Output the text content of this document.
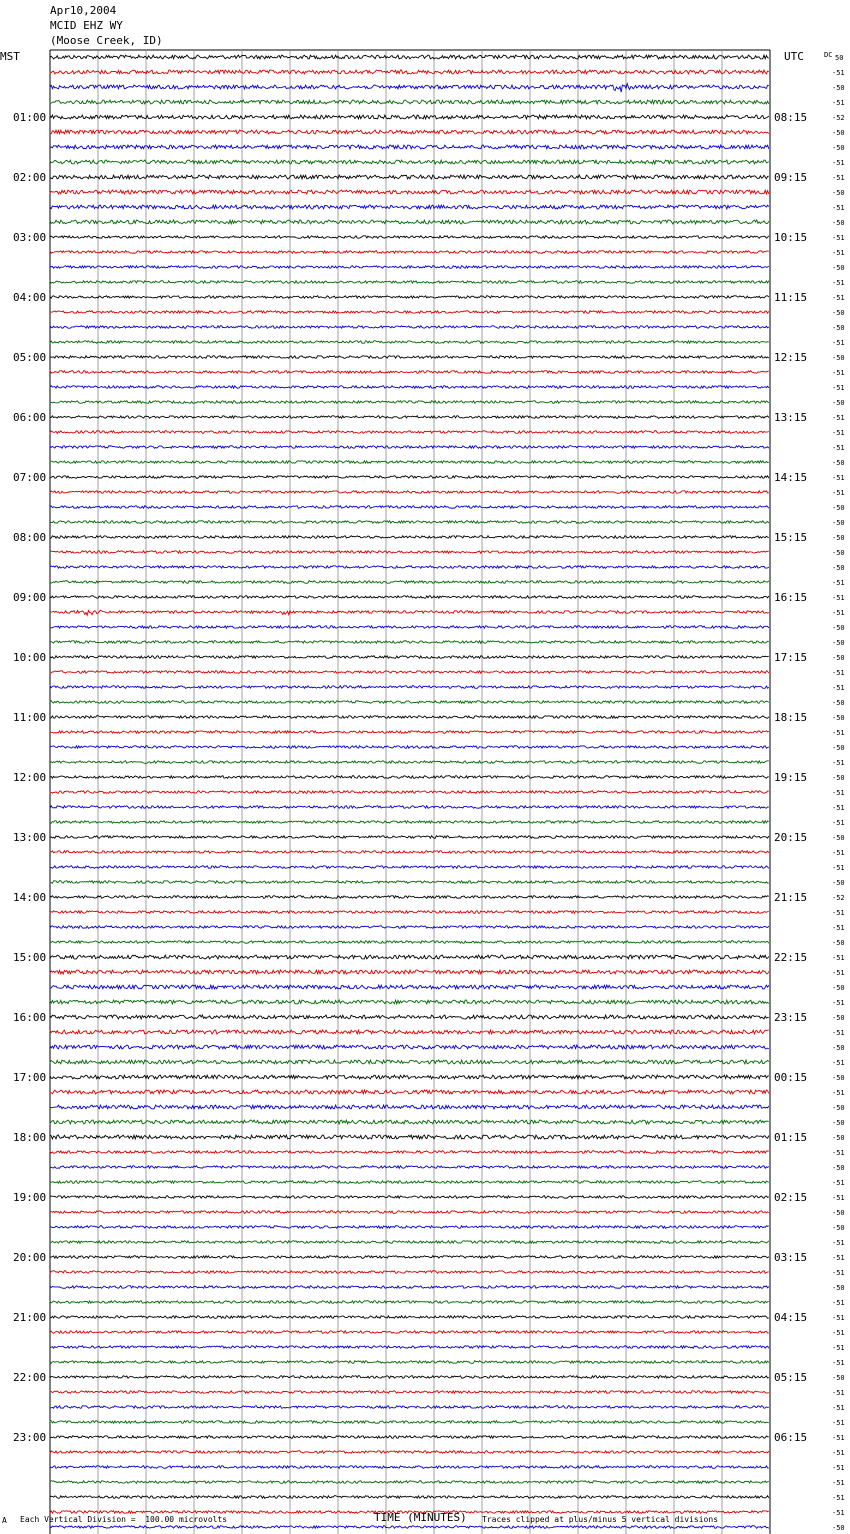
Apr10,2004
MCID EHZ WY
(Moose Creek, ID)
MST	UTC
01:00
02:00
03:00
04:00
05:00
06:00
07:00
08:00
09:00
10:00
11:00
12:00
13:00
14:00
15:00
16:00
17:00
18:00
19:00
20:00
21:00
22:00
23:00
08:15
09:15
10:15
11:15
12:15
13:15
14:15
15:15
16:15
17:15
18:15
19:15
20:15
21:15
22:15
23:15
00:15
01:15
02:15
03:15
04:15
05:15
06:15
DC 50
-51
-50
-51
-52
-50
-50
-51
-51
-50
-51
-50
-51
-51
-50
-51
-51
-50
-50
-51
-50
-51
-51
-50
-51
-51
-51
-50
-51
-51
-50
-50
-50
-50
-50
-51
-51
-51
-50
-50
-50
-51
-51
-50
-50
-51
-50
-51
-50
-51
-51
-51
-50
-51
-51
-50
-52
-51
-51
-50
-51
-51
-50
-51
-50
-51
-50
-51
-50
-51
-50
-50
-50
-51
-50
-51
-51
-50
-50
-51
-51
-51
-50
-51
-51
-51
-51
-51
-50
-51
-51
-51
-51
-51
-51
-51
-51
-51
-50
A Each Vertical Division =  100.00 microvolts	TIME (MINUTES) Traces clipped at plus/minus 5 vertical divisions
